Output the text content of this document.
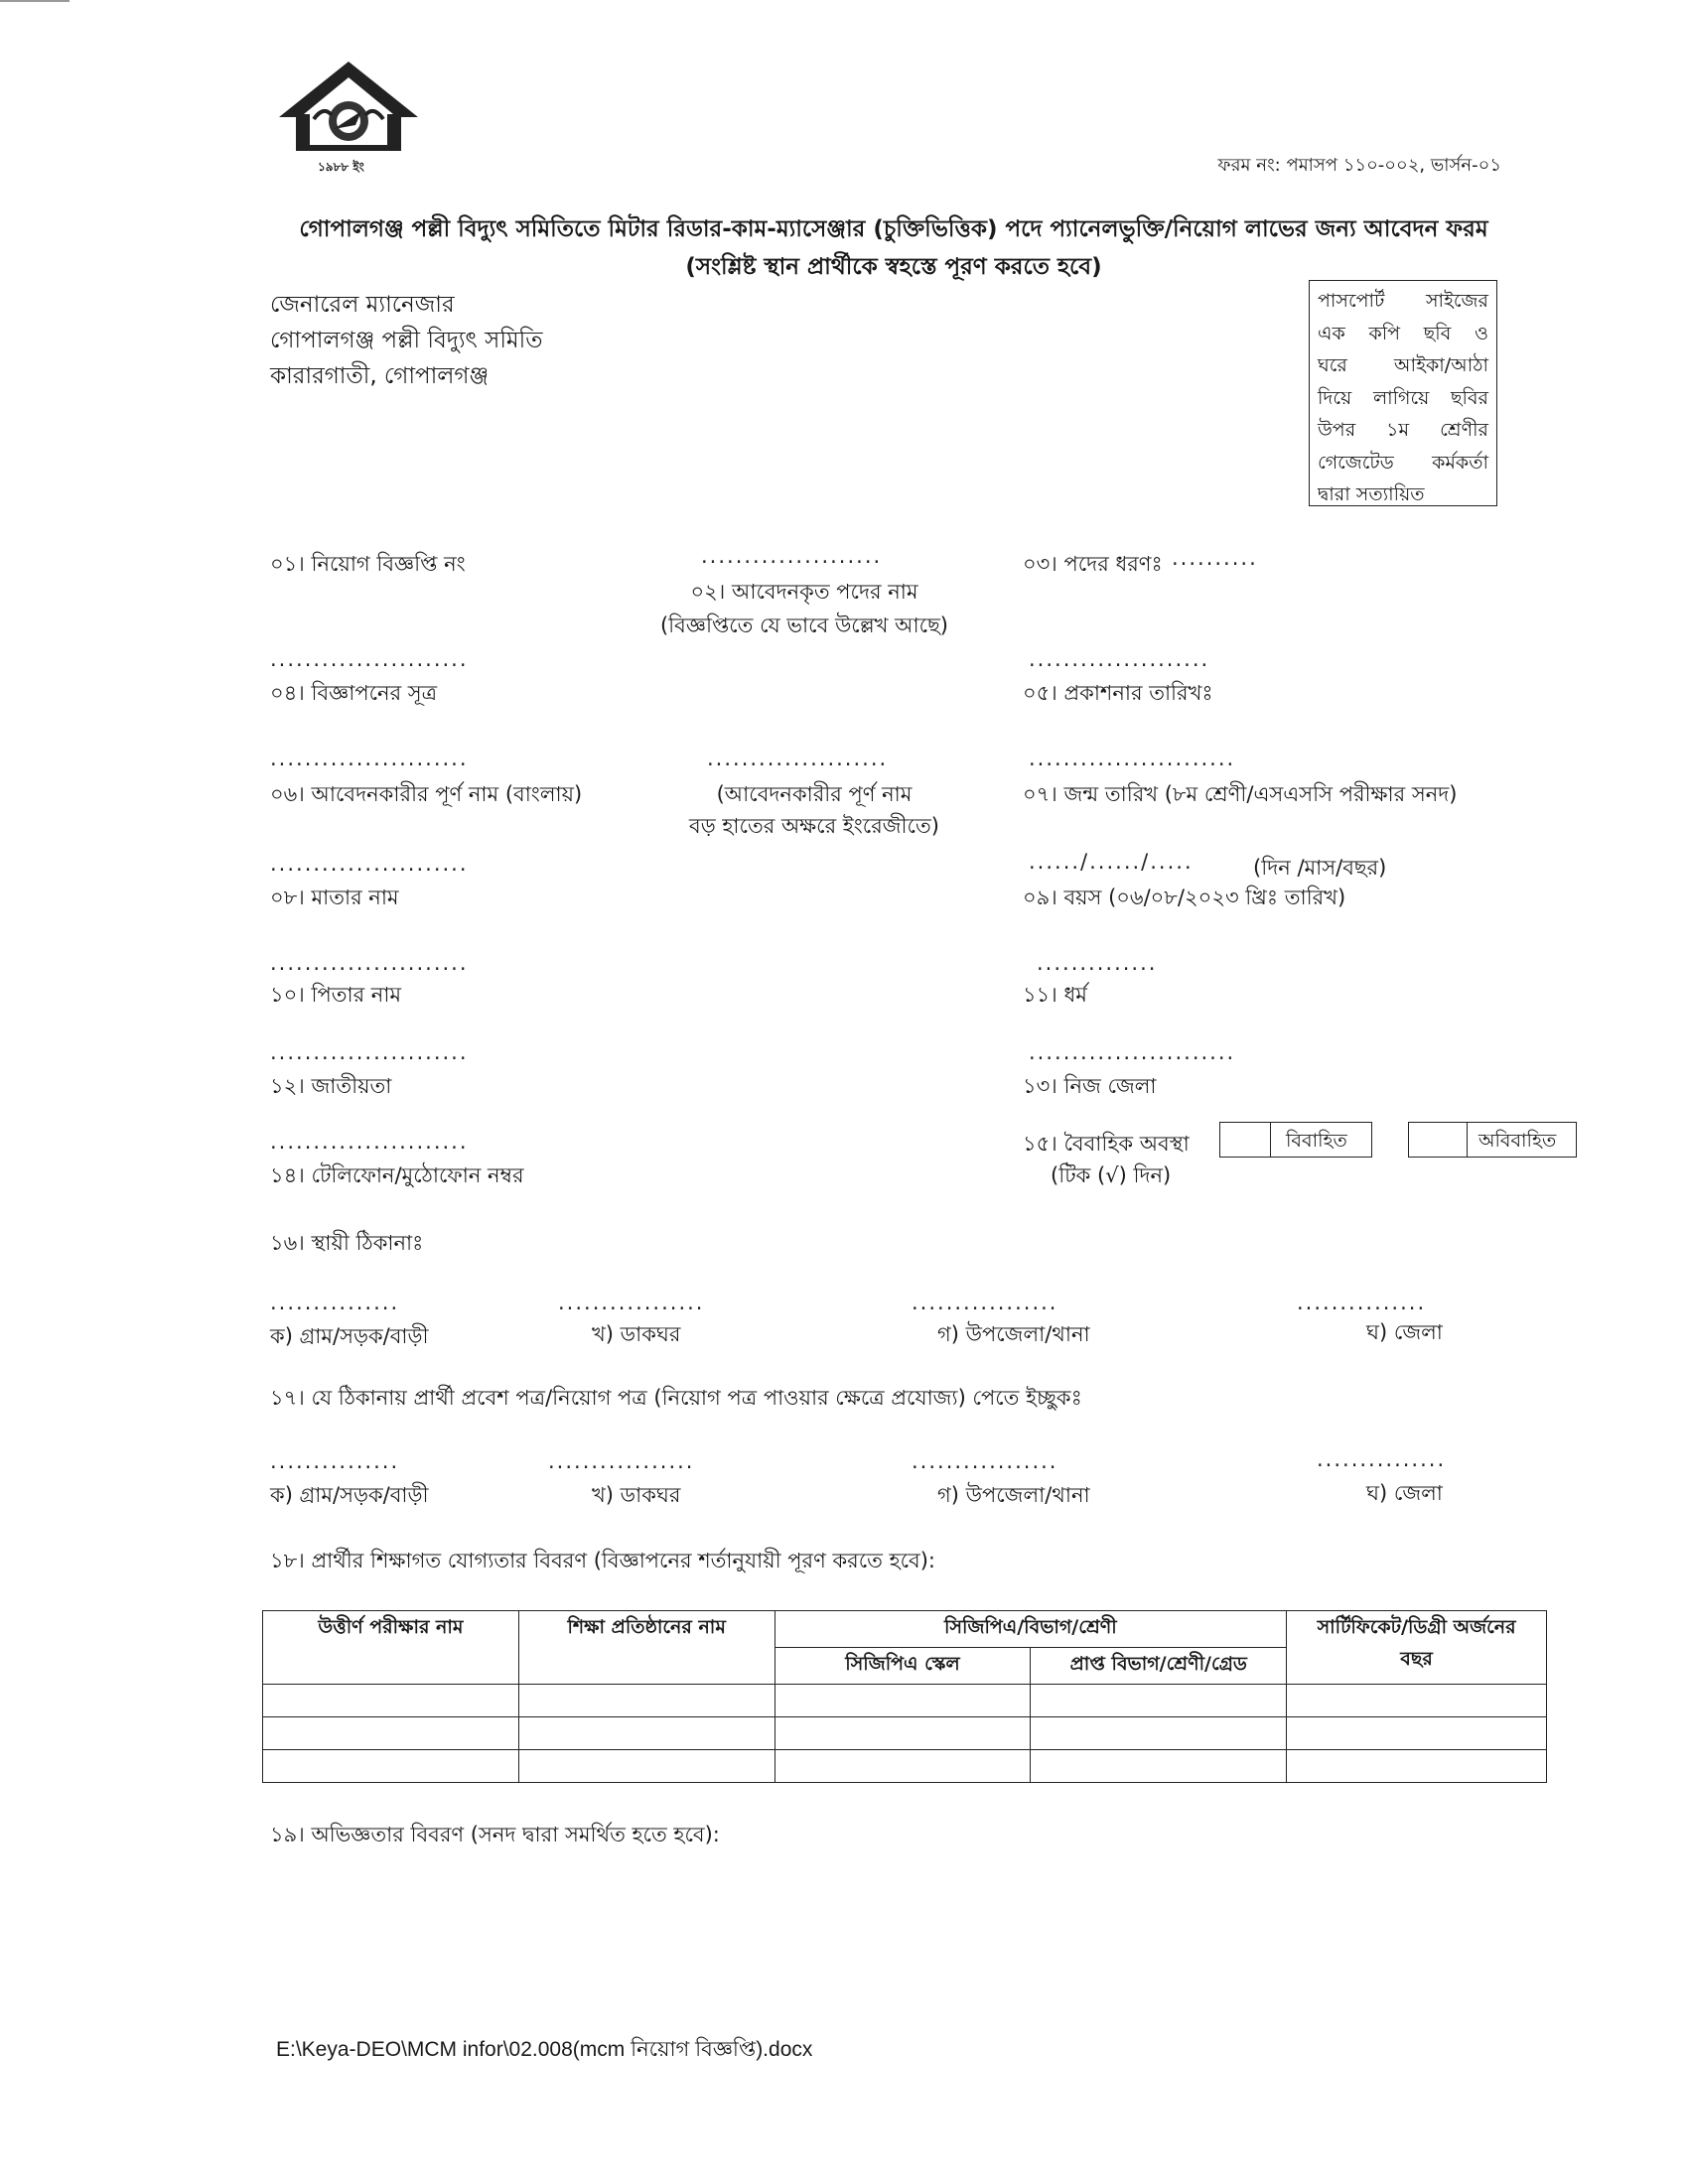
১৯৮৮ ইং	ফরম নং: পমাসপ ১১০-০০২, ভার্সন-০১
গোপালগঞ্জ পল্লী বিদ্যুৎ সমিতিতে মিটার রিডার-কাম-ম্যাসেঞ্জার (চুক্তিভিত্তিক) পদে প্যানেলভুক্তি/নিয়োগ লাভের জন্য আবেদন ফরম
(সংশ্লিষ্ট স্থান প্রার্থীকে স্বহস্তে পূরণ করতে হবে)
জেনারেল ম্যানেজার
গোপালগঞ্জ পল্লী বিদ্যুৎ সমিতি
কারারগাতী, গোপালগঞ্জ
পাসপোর্ট সাইজের
এক কপি ছবি ও
ঘরে আইকা/আঠা
দিয়ে লাগিয়ে ছবির
উপর ১ম শ্রেণীর
গেজেটেড কর্মকর্তা
দ্বারা সত্যায়িত
০১। নিয়োগ বিজ্ঞপ্তি নং	.....................
০২। আবেদনকৃত পদের নাম
(বিজ্ঞপ্তিতে যে ভাবে উল্লেখ আছে)
০৩। পদের ধরণঃ ..........
.......................	.....................
০৪। বিজ্ঞাপনের সূত্র	০৫। প্রকাশনার তারিখঃ
.......................	.....................	........................
০৬। আবেদনকারীর পূর্ণ নাম (বাংলায়)	(আবেদনকারীর পূর্ণ নাম
বড় হাতের অক্ষরে ইংরেজীতে)
০৭। জন্ম তারিখ (৮ম শ্রেণী/এসএসসি পরীক্ষার সনদ)
.......................	....../....../.....	(দিন /মাস/বছর)
০৮। মাতার নাম	০৯। বয়স (০৬/০৮/২০২৩ খ্রিঃ তারিখ)
.......................	..............
১০। পিতার নাম	১১। ধর্ম
.......................	........................
১২। জাতীয়তা	১৩। নিজ জেলা
.......................	১৫। বৈবাহিক অবস্থা	বিবাহিত	অবিবাহিত
১৪। টেলিফোন/মুঠোফোন নম্বর	(টিক (√) দিন)
১৬। স্থায়ী ঠিকানাঃ
...............	.................	.................	...............
ক) গ্রাম/সড়ক/বাড়ী	খ) ডাকঘর	গ) উপজেলা/থানা	ঘ) জেলা
১৭। যে ঠিকানায় প্রার্থী প্রবেশ পত্র/নিয়োগ পত্র (নিয়োগ পত্র পাওয়ার ক্ষেত্রে প্রযোজ্য) পেতে ইচ্ছুকঃ
...............	.................	.................	...............
ক) গ্রাম/সড়ক/বাড়ী	খ) ডাকঘর	গ) উপজেলা/থানা	ঘ) জেলা
১৮। প্রার্থীর শিক্ষাগত যোগ্যতার বিবরণ (বিজ্ঞাপনের শর্তানুযায়ী পূরণ করতে হবে):
উত্তীর্ণ পরীক্ষার নাম	শিক্ষা প্রতিষ্ঠানের নাম	সিজিপিএ/বিভাগ/শ্রেণী		সার্টিফিকেট/ডিগ্রী অর্জনের
বছর

		সিজিপিএ স্কেল	প্রাপ্ত বিভাগ/শ্রেণী/গ্রেড	

১৯। অভিজ্ঞতার বিবরণ (সনদ দ্বারা সমর্থিত হতে হবে):
E:\Keya-DEO\MCM infor\02.008(mcm নিয়োগ বিজ্ঞপ্তি).docx
